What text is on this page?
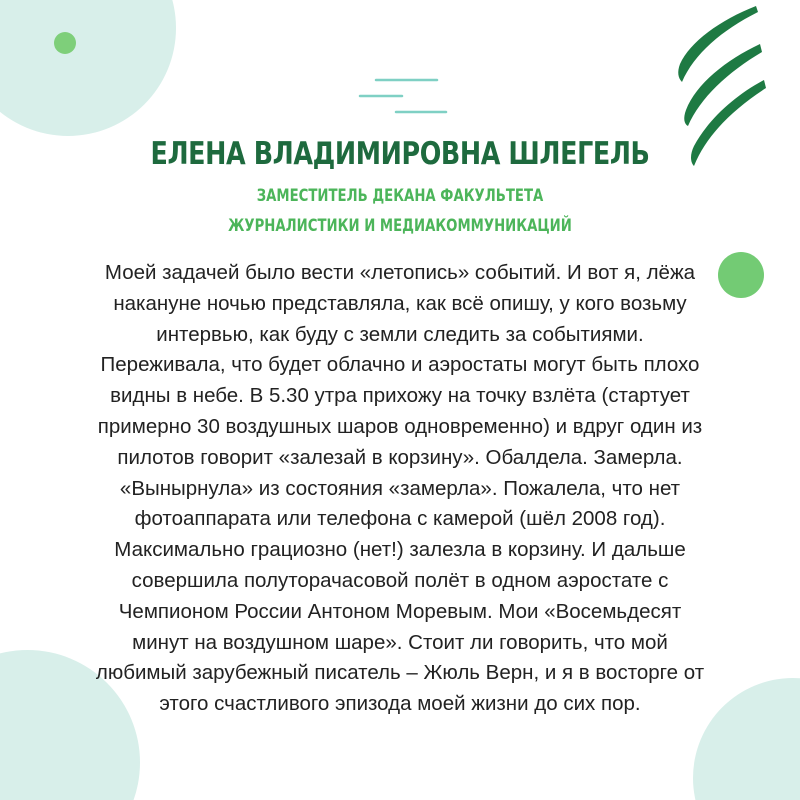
ЕЛЕНА ВЛАДИМИРОВНА ШЛЕГЕЛЬ
ЗАМЕСТИТЕЛЬ ДЕКАНА ФАКУЛЬТЕТА
ЖУРНАЛИСТИКИ И МЕДИАКОММУНИКАЦИЙ
Моей задачей было вести «летопись» событий. И вот я, лёжа
накануне ночью представляла, как всё опишу, у кого возьму
интервью, как буду с земли следить за событиями.
Переживала, что будет облачно и аэростаты могут быть плохо
видны в небе. В 5.30 утра прихожу на точку взлёта (стартует
примерно 30 воздушных шаров одновременно) и вдруг один из
пилотов говорит «залезай в корзину». Обалдела. Замерла.
«Вынырнула» из состояния «замерла». Пожалела, что нет
фотоаппарата или телефона с камерой (шёл 2008 год).
Максимально грациозно (нет!) залезла в корзину. И дальше
совершила полуторачасовой полёт в одном аэростате с
Чемпионом России Антоном Моревым. Мои «Восемьдесят
минут на воздушном шаре». Стоит ли говорить, что мой
любимый зарубежный писатель – Жюль Верн, и я в восторге от
этого счастливого эпизода моей жизни до сих пор.
